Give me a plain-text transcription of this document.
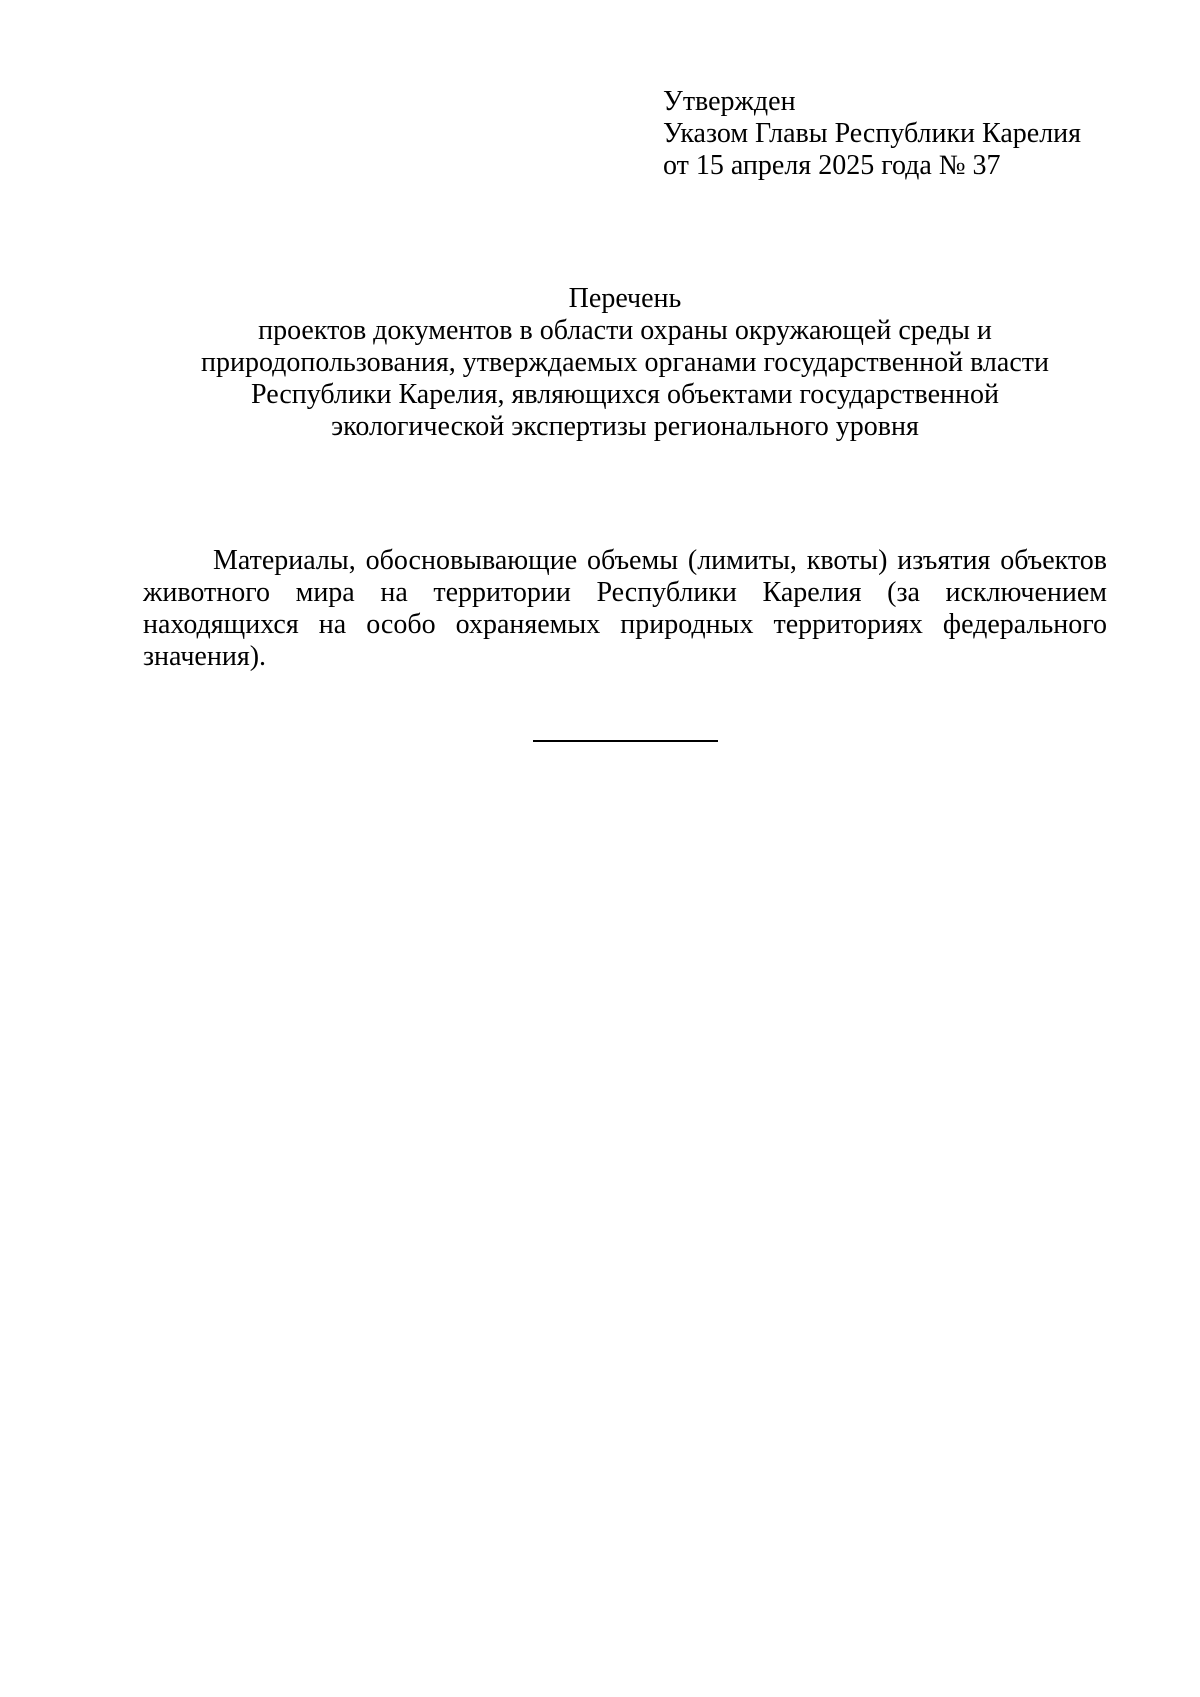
Утвержден
Указом Главы Республики Карелия
от 15 апреля 2025 года № 37
Перечень
проектов документов в области охраны окружающей среды и
природопользования, утверждаемых органами государственной власти
Республики Карелия, являющихся объектами государственной
экологической экспертизы регионального уровня
Материалы, обосновывающие объемы (лимиты, квоты) изъятия объектов
животного мира на территории Республики Карелия (за исключением
находящихся на особо охраняемых природных территориях федерального
значения).
